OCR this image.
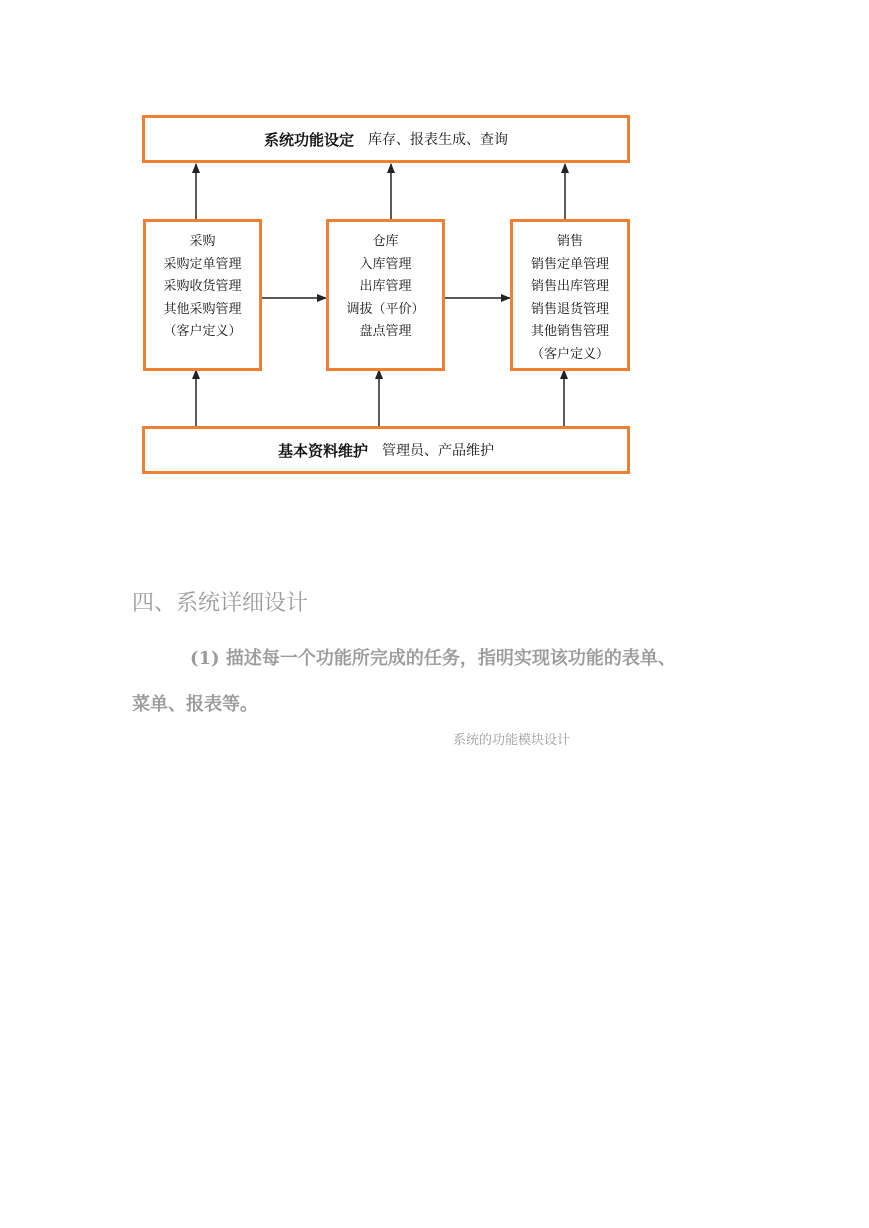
系统功能设定 库存、报表生成、查询
采购
采购定单管理
采购收货管理
其他采购管理
（客户定义）
仓库
入库管理
出库管理
调拔（平价）
盘点管理
销售
销售定单管理
销售出库管理
销售退货管理
其他销售管理
（客户定义）
基本资料维护 管理员、产品维护
四、系统详细设计
(1) 描述每一个功能所完成的任务，指明实现该功能的表单、
菜单、报表等。
系统的功能模块设计
